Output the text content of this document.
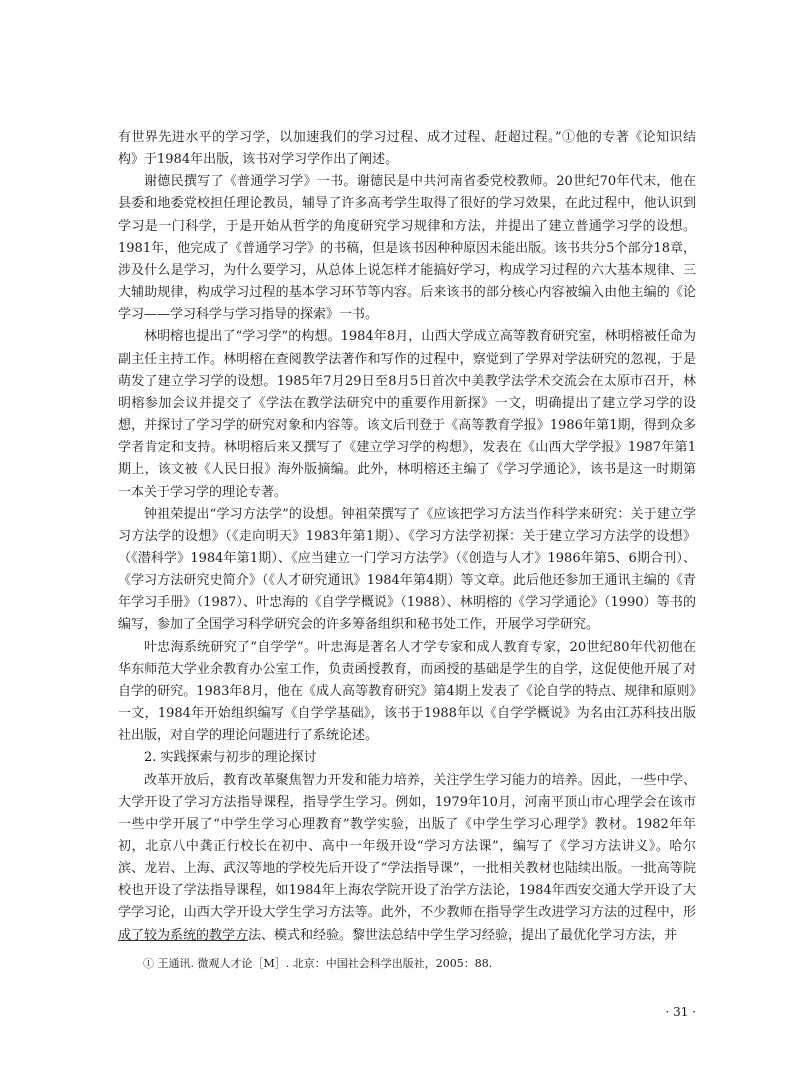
有世界先进水平的学习学，以加速我们的学习过程、成才过程、赶超过程。”①他的专著《论知识结构》于1984年出版，该书对学习学作出了阐述。

谢德民撰写了《普通学习学》一书。谢德民是中共河南省委党校教师。20世纪70年代末，他在县委和地委党校担任理论教员，辅导了许多高考学生取得了很好的学习效果，在此过程中，他认识到学习是一门科学，于是开始从哲学的角度研究学习规律和方法，并提出了建立普通学习学的设想。1981年，他完成了《普通学习学》的书稿，但是该书因种种原因未能出版。该书共分5个部分18章，涉及什么是学习，为什么要学习，从总体上说怎样才能搞好学习，构成学习过程的六大基本规律、三大辅助规律，构成学习过程的基本学习环节等内容。后来该书的部分核心内容被编入由他主编的《论学习——学习科学与学习指导的探索》一书。

林明榕也提出了“学习学”的构想。1984年8月，山西大学成立高等教育研究室，林明榕被任命为副主任主持工作。林明榕在查阅教学法著作和写作的过程中，察觉到了学界对学法研究的忽视，于是萌发了建立学习学的设想。1985年7月29日至8月5日首次中美教学法学术交流会在太原市召开，林明榕参加会议并提交了《学法在教学法研究中的重要作用新探》一文，明确提出了建立学习学的设想，并探讨了学习学的研究对象和内容等。该文后刊登于《高等教育学报》1986年第1期，得到众多学者肯定和支持。林明榕后来又撰写了《建立学习学的构想》，发表在《山西大学学报》1987年第1期上，该文被《人民日报》海外版摘编。此外，林明榕还主编了《学习学通论》，该书是这一时期第一本关于学习学的理论专著。

钟祖荣提出“学习方法学”的设想。钟祖荣撰写了《应该把学习方法当作科学来研究：关于建立学习方法学的设想》（《走向明天》1983年第1期）、《学习方法学初探：关于建立学习方法学的设想》（《潜科学》1984年第1期）、《应当建立一门学习方法学》（《创造与人才》1986年第5、6期合刊）、《学习方法研究史简介》（《人才研究通讯》1984年第4期）等文章。此后他还参加王通讯主编的《青年学习手册》（1987）、叶忠海的《自学学概说》（1988）、林明榕的《学习学通论》（1990）等书的编写，参加了全国学习科学研究会的许多筹备组织和秘书处工作，开展学习学研究。

叶忠海系统研究了“自学学”。叶忠海是著名人才学专家和成人教育专家，20世纪80年代初他在华东师范大学业余教育办公室工作，负责函授教育，而函授的基础是学生的自学，这促使他开展了对自学的研究。1983年8月，他在《成人高等教育研究》第4期上发表了《论自学的特点、规律和原则》一文，1984年开始组织编写《自学学基础》，该书于1988年以《自学学概说》为名由江苏科技出版社出版，对自学的理论问题进行了系统论述。

2. 实践探索与初步的理论探讨

改革开放后，教育改革聚焦智力开发和能力培养，关注学生学习能力的培养。因此，一些中学、大学开设了学习方法指导课程，指导学生学习。例如，1979年10月，河南平顶山市心理学会在该市一些中学开展了“中学生学习心理教育”教学实验，出版了《中学生学习心理学》教材。1982年年初，北京八中龚正行校长在初中、高中一年级开设“学习方法课”，编写了《学习方法讲义》。哈尔滨、龙岩、上海、武汉等地的学校先后开设了“学法指导课”，一批相关教材也陆续出版。一批高等院校也开设了学法指导课程，如1984年上海农学院开设了治学方法论，1984年西安交通大学开设了大学学习论，山西大学开设大学生学习方法等。此外，不少教师在指导学生改进学习方法的过程中，形成了较为系统的教学方法、模式和经验。黎世法总结中学生学习经验，提出了最优化学习方法，并

① 王通讯. 微观人才论［M］. 北京：中国社会科学出版社，2005：88.
· 31 ·
